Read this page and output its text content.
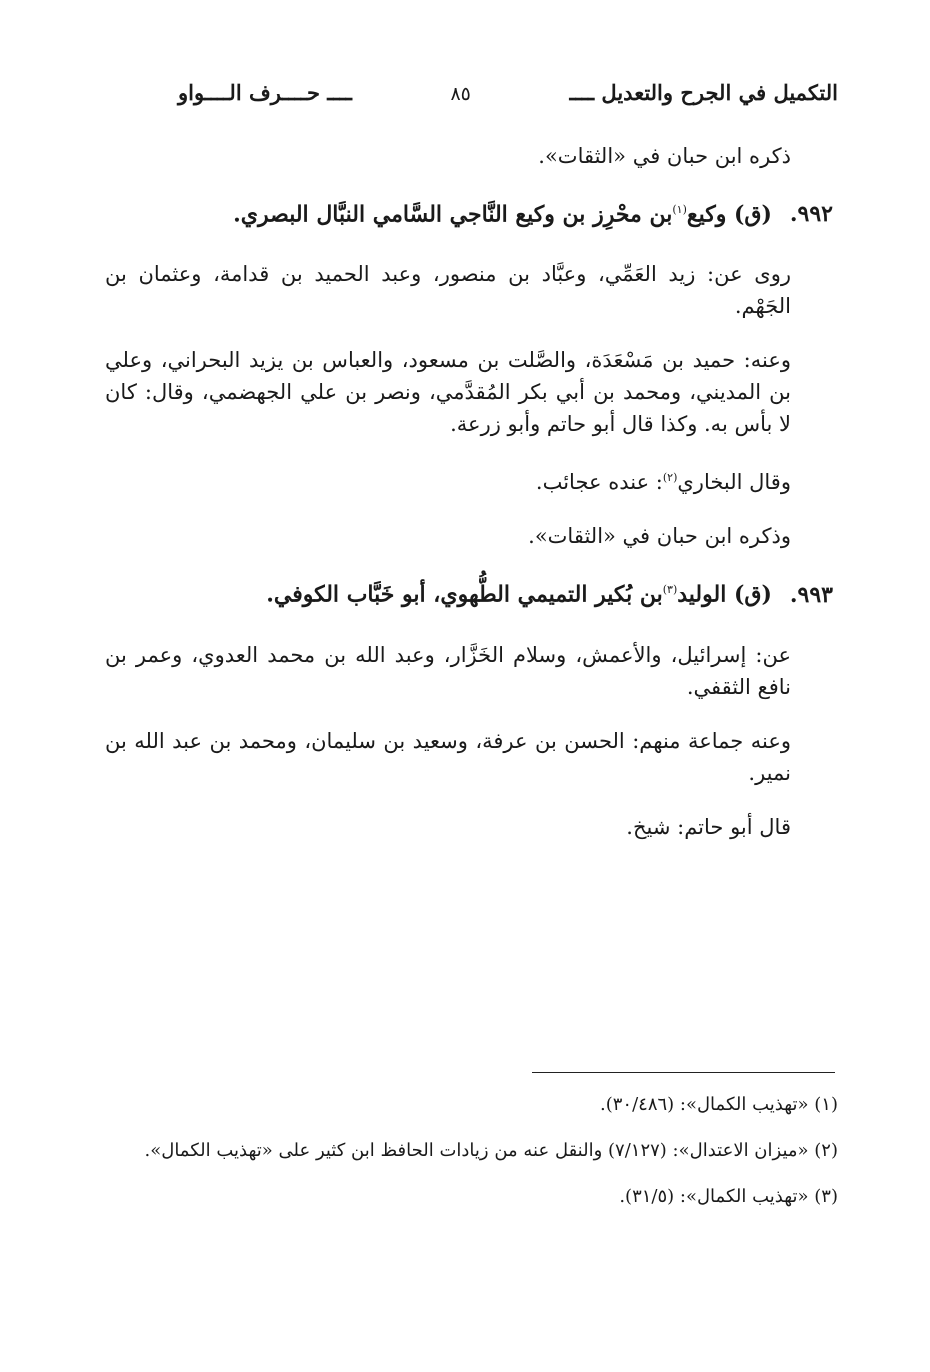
التكميل في الجرح والتعديل ــــ
٨٥
ــــ حــــرف الــــواو

ذكره ابن حبان في «الثقات».

٩٩٢.(ق) وكيع$^{(١)}$بن محْرِز بن وكيع النَّاجي السَّامي النبَّال البصري.

روى عن: زيد العَمِّي، وعبَّاد بن منصور، وعبد الحميد بن قدامة، وعثمان بن الجَهْم.

وعنه: حميد بن مَسْعَدَة، والصَّلت بن مسعود، والعباس بن يزيد البحراني، وعلي بن المديني، ومحمد بن أبي بكر المُقدَّمي، ونصر بن علي الجهضمي، وقال: كان لا بأس به. وكذا قال أبو حاتم وأبو زرعة.

وقال البخاري$^{(٢)}$: عنده عجائب.

وذكره ابن حبان في «الثقات».

٩٩٣.(ق) الوليد$^{(٣)}$بن بُكير التميمي الطُّهوي، أبو خَبَّاب الكوفي.

عن: إسرائيل، والأعمش، وسلام الخَزَّار، وعبد الله بن محمد العدوي، وعمر بن نافع الثقفي.

وعنه جماعة منهم: الحسن بن عرفة، وسعيد بن سليمان، ومحمد بن عبد الله بن نمير.

قال أبو حاتم: شيخ.

(١) «تهذيب الكمال»: (٣٠/٤٨٦).

(٢) «ميزان الاعتدال»: (٧/١٢٧) والنقل عنه من زيادات الحافظ ابن كثير على «تهذيب الكمال».

(٣) «تهذيب الكمال»: (٣١/٥).
